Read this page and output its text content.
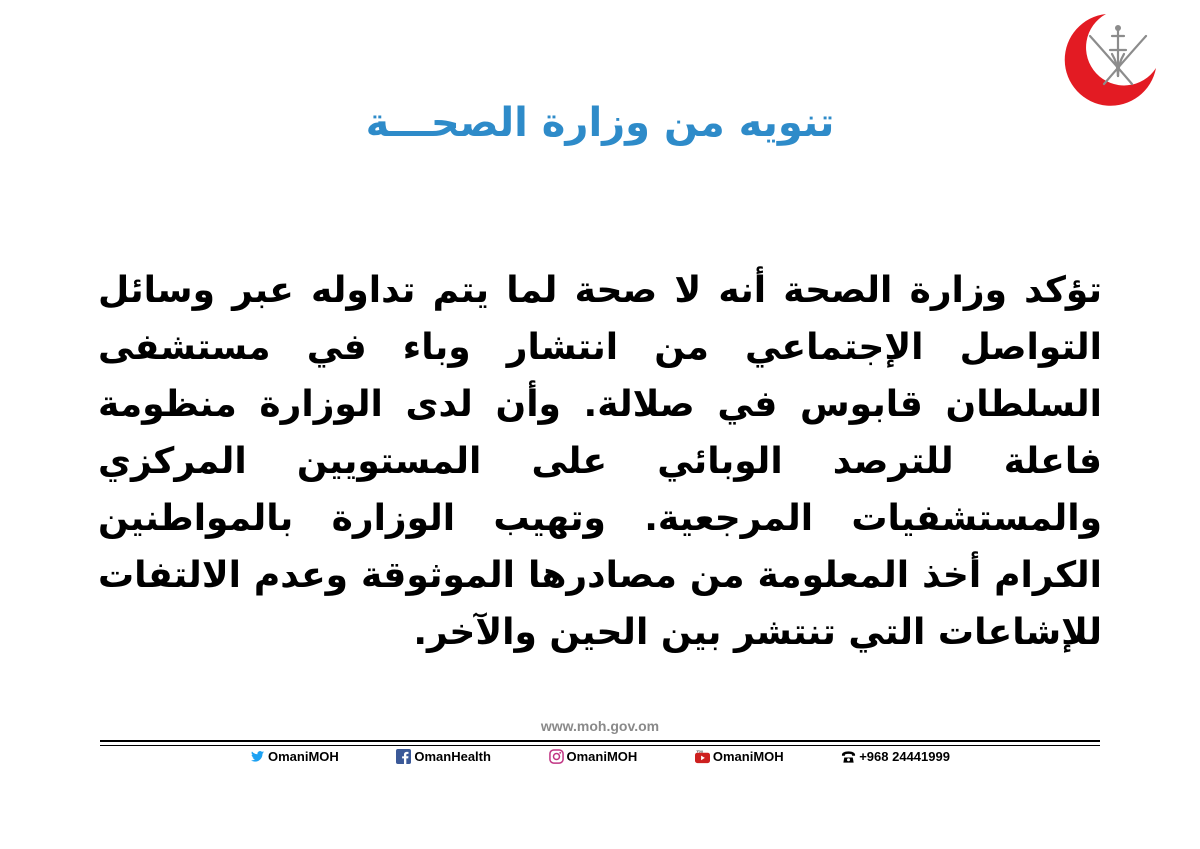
تنويه من وزارة الصحـــة
تؤكد وزارة الصحة أنه لا صحة لما يتم تداوله عبر وسائل التواصل الإجتماعي من انتشار وباء في مستشفى السلطان قابوس في صلالة. وأن لدى الوزارة منظومة فاعلة للترصد الوبائي على المستويين المركزي والمستشفيات المرجعية. وتهيب الوزارة بالمواطنين الكرام أخذ المعلومة من مصادرها الموثوقة وعدم الالتفات للإشاعات التي تنتشر بين الحين والآخر.
www.moh.gov.om
OmaniMOH	OmanHealth	OmaniMOH	You OmaniMOH	+968 24441999
